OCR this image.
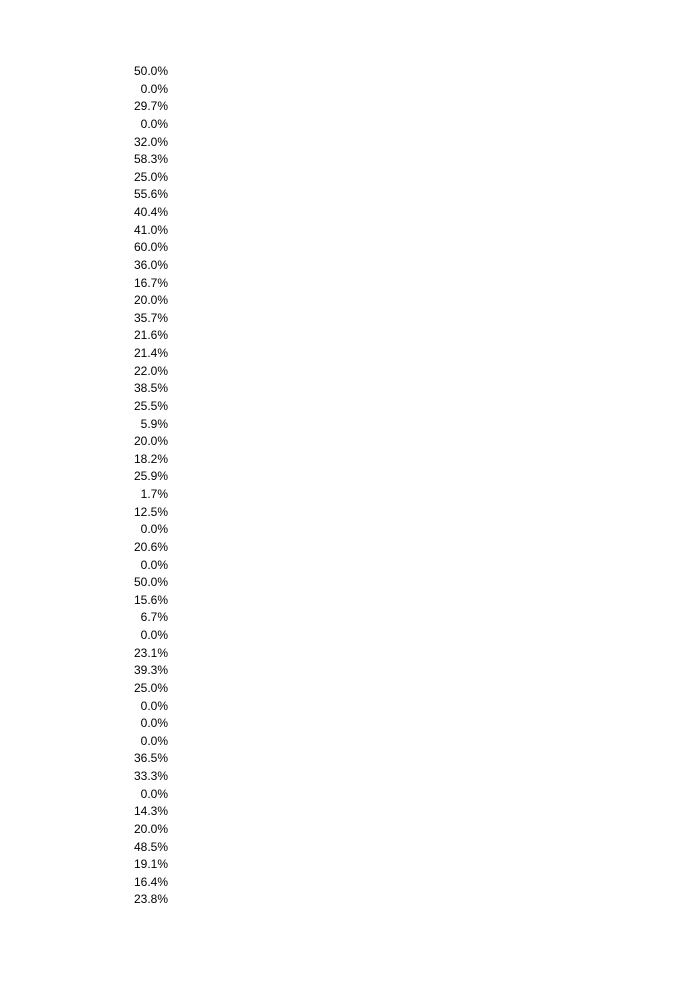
50.0%
0.0%
29.7%
0.0%
32.0%
58.3%
25.0%
55.6%
40.4%
41.0%
60.0%
36.0%
16.7%
20.0%
35.7%
21.6%
21.4%
22.0%
38.5%
25.5%
5.9%
20.0%
18.2%
25.9%
1.7%
12.5%
0.0%
20.6%
0.0%
50.0%
15.6%
6.7%
0.0%
23.1%
39.3%
25.0%
0.0%
0.0%
0.0%
36.5%
33.3%
0.0%
14.3%
20.0%
48.5%
19.1%
16.4%
23.8%
